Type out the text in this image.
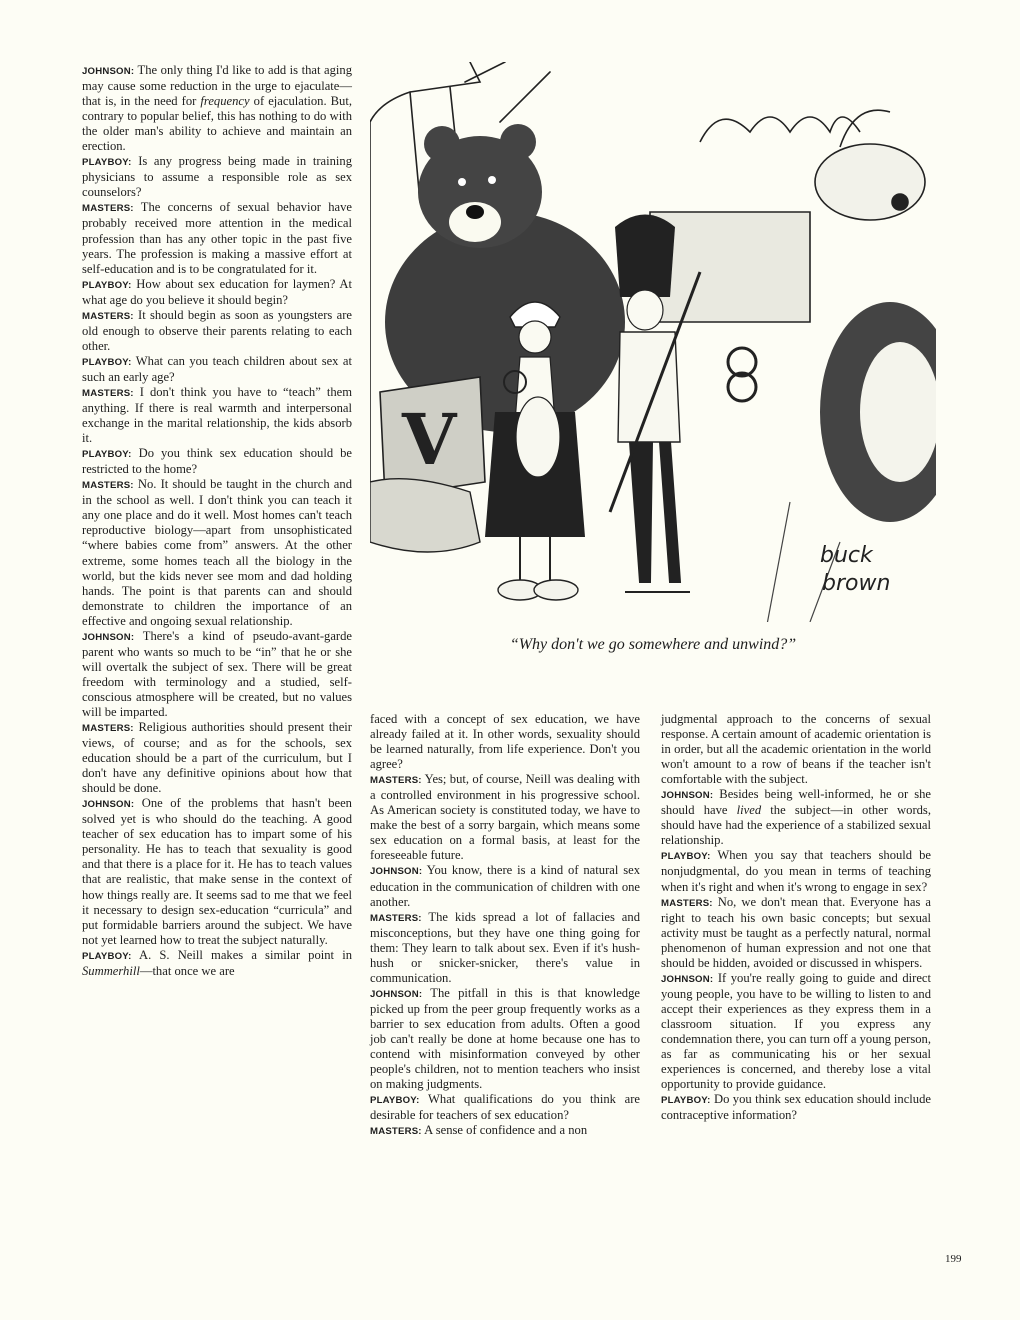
JOHNSON: The only thing I'd like to add is that aging may cause some reduction in the urge to ejaculate—that is, in the need for frequency of ejaculation. But, contrary to popular belief, this has nothing to do with the older man's ability to achieve and maintain an erection.

PLAYBOY: Is any progress being made in training physicians to assume a responsible role as sex counselors?

MASTERS: The concerns of sexual behavior have probably received more attention in the medical profession than has any other topic in the past five years. The profession is making a massive effort at self-education and is to be congratulated for it.

PLAYBOY: How about sex education for laymen? At what age do you believe it should begin?

MASTERS: It should begin as soon as youngsters are old enough to observe their parents relating to each other.

PLAYBOY: What can you teach children about sex at such an early age?

MASTERS: I don't think you have to “teach” them anything. If there is real warmth and interpersonal exchange in the marital relationship, the kids absorb it.

PLAYBOY: Do you think sex education should be restricted to the home?

MASTERS: No. It should be taught in the church and in the school as well. I don't think you can teach it any one place and do it well. Most homes can't teach reproductive biology—apart from unsophisticated “where babies come from” answers. At the other extreme, some homes teach all the biology in the world, but the kids never see mom and dad holding hands. The point is that parents can and should demonstrate to children the importance of an effective and ongoing sexual relationship.

JOHNSON: There's a kind of pseudo-avant-garde parent who wants so much to be “in” that he or she will overtalk the subject of sex. There will be great freedom with terminology and a studied, self-conscious atmosphere will be created, but no values will be imparted.

MASTERS: Religious authorities should present their views, of course; and as for the schools, sex education should be a part of the curriculum, but I don't have any definitive opinions about how that should be done.

JOHNSON: One of the problems that hasn't been solved yet is who should do the teaching. A good teacher of sex education has to impart some of his personality. He has to teach that sexuality is good and that there is a place for it. He has to teach values that are realistic, that make sense in the context of how things really are. It seems sad to me that we feel it necessary to design sex-education “curricula” and put formidable barriers around the subject. We have not yet learned how to treat the subject naturally.

PLAYBOY: A. S. Neill makes a similar point in Summerhill—that once we are

faced with a concept of sex education, we have already failed at it. In other words, sexuality should be learned naturally, from life experience. Don't you agree?

MASTERS: Yes; but, of course, Neill was dealing with a controlled environment in his progressive school. As American society is constituted today, we have to make the best of a sorry bargain, which means some sex education on a formal basis, at least for the foreseeable future.

JOHNSON: You know, there is a kind of natural sex education in the communication of children with one another.

MASTERS: The kids spread a lot of fallacies and misconceptions, but they have one thing going for them: They learn to talk about sex. Even if it's hush-hush or snicker-snicker, there's value in communication.

JOHNSON: The pitfall in this is that knowledge picked up from the peer group frequently works as a barrier to sex education from adults. Often a good job can't really be done at home because one has to contend with misinformation conveyed by other people's children, not to mention teachers who insist on making judgments.

PLAYBOY: What qualifications do you think are desirable for teachers of sex education?

MASTERS: A sense of confidence and a non

judgmental approach to the concerns of sexual response. A certain amount of academic orientation is in order, but all the academic orientation in the world won't amount to a row of beans if the teacher isn't comfortable with the subject.

JOHNSON: Besides being well-informed, he or she should have lived the subject—in other words, should have had the experience of a stabilized sexual relationship.

PLAYBOY: When you say that teachers should be nonjudgmental, do you mean in terms of teaching when it's right and when it's wrong to engage in sex?

MASTERS: No, we don't mean that. Everyone has a right to teach his own basic concepts; but sexual activity must be taught as a perfectly natural, normal phenomenon of human expression and not one that should be hidden, avoided or discussed in whispers.

JOHNSON: If you're really going to guide and direct young people, you have to be willing to listen to and accept their experiences as they express them in a classroom situation. If you express any condemnation there, you can turn off a young person, as far as communicating his or her sexual experiences is concerned, and thereby lose a vital opportunity to provide guidance.

PLAYBOY: Do you think sex education should include contraceptive information?

V
buck
brown
“Why don't we go somewhere and unwind?”
199
